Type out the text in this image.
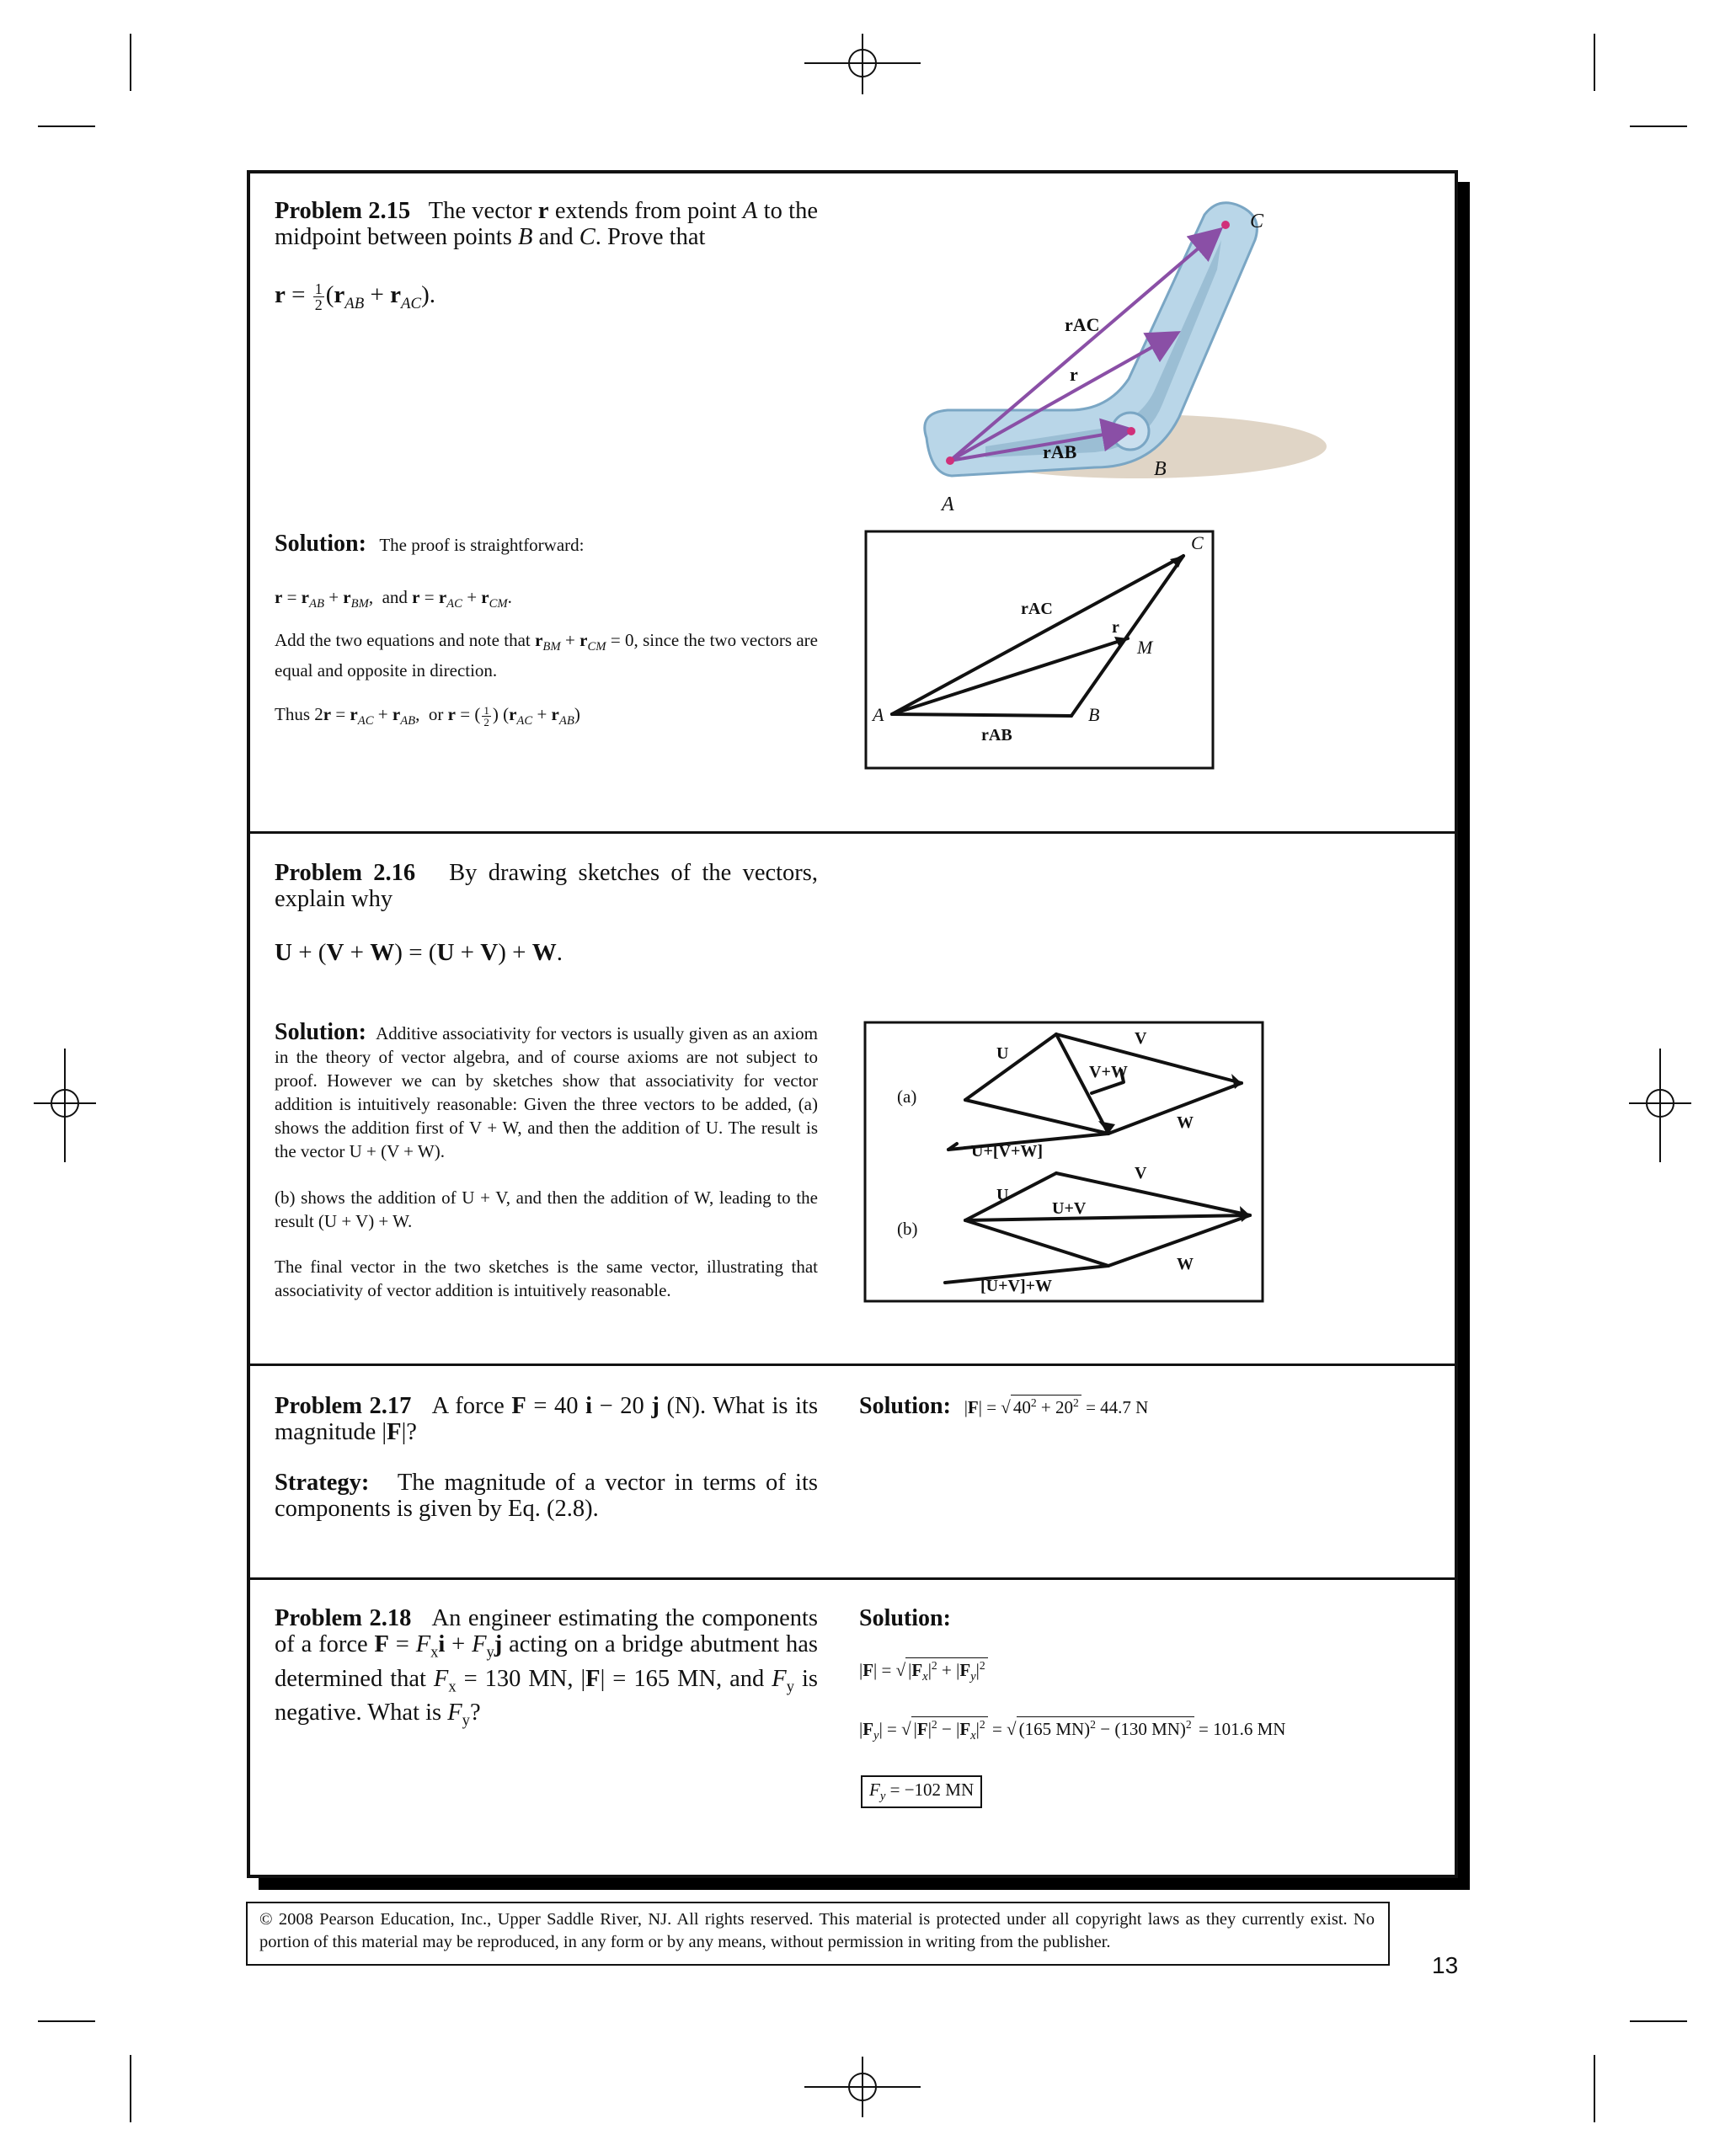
Problem 2.15   The vector r extends from point A to the midpoint between points B and C. Prove that
$r = \frac{1}{2} (r_{AB} + r_{AC})$.
C
rAC
r
rAB
B
A
Solution: The proof is straightforward:
$r = r_{AB} + r_{BM}$,  and $r = r_{AC} + r_{CM}$.
Add the two equations and note that $r_{BM} + r_{CM} = 0$, since the two vectors are equal and opposite in direction.
Thus $2r = r_{AC} + r_{AB}$,  or r = ( $\frac{1}{2}$ ) $(r_{AC} + r_{AB})$
C
rAC
r
M
A	B
rAB
Problem 2.16 By drawing sketches of the vectors, explain why
U + (V + W) = (U + V) + W.
Solution: Additive associativity for vectors is usually given as an axiom in the theory of vector algebra, and of course axioms are not subject to proof. However we can by sketches show that associativity for vector addition is intuitively reasonable: Given the three vectors to be added, (a) shows the addition first of V + W, and then the addition of U. The result is the vector U + (V + W).
(b) shows the addition of U + V, and then the addition of W, leading to the result (U + V) + W.
The final vector in the two sketches is the same vector, illustrating that associativity of vector addition is intuitively reasonable.
(a)
(b)
U
V
V+W
W
U+[V+W]
V
U
U+V
W
[U+V]+W
Problem 2.17   A force F = 40 i − 20 j (N). What is its magnitude |F|?
Strategy: The magnitude of a vector in terms of its components is given by Eq. (2.8).
Solution:   |F| = √ $40^2 + 20^2 = 44.7$ N
Problem 2.18   An engineer estimating the components of a force $F = F_xi + F_yj$ acting on a bridge abutment has determined that $F_x = 130$ MN, |F| = 165 MN, and $F_y$ is negative. What is $F_y$?
Solution:
|F| = √ $|F_x|^2 + |F_y|^2$
$|F_y|$ = √ $|F|^2 - |F_x|^2$ = √ (165 MN)$^2$ − (130 MN)$^2$ = 101.6 MN
$F_y = -102$ MN
© 2008 Pearson Education, Inc., Upper Saddle River, NJ. All rights reserved. This material is protected under all copyright laws as they currently exist. No portion of this material may be reproduced, in any form or by any means, without permission in writing from the publisher.
13
